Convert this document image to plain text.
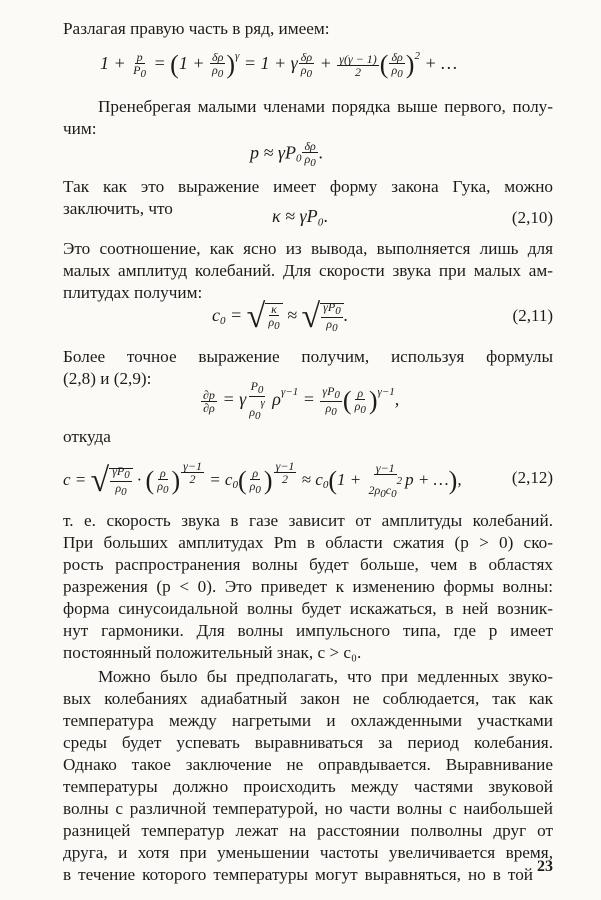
Разлагая правую часть в ряд, имеем:
$1 + \frac{p}{P0} = (1 + \frac{\delta\rho}{\rho 0} )^\gamma = 1 + \gamma \frac{\delta\rho}{\rho 0} + \frac{\gamma(\gamma - 1)}{2}$ ( $\frac{\delta\rho}{\rho 0} )^2$ + …
Пренебрегая малыми членами порядка выше первого, полу-
чим:
$p \approx \gamma P_0 \frac{\delta\rho}{\rho 0}$ .
Так как это выражение имеет форму закона Гука, можно
заключить, что	κ ≈ γP₀.	(2,10)
Это соотношение, как ясно из вывода, выполняется лишь для
малых амплитуд колебаний. Для скорости звука при малых ам-
плитудах получим:
$c_0$ = √ $\frac{\kappa}{\rho 0}$ ≈ √ $\frac{\gamma P0}{\rho 0}$ .	(2,11)
Более точное выражение получим, используя формулы
(2,8) и (2,9):
$\frac{\partial p}{\partial\rho} = \gamma \frac{P0}{\rho 0\gamma} \rho^{\gamma-1} = \frac{\gamma P0}{\rho 0}$ ( $\frac{\rho}{\rho 0} )^{\gamma-1}$,
откуда
c = √ $\frac{\gamma P0}{\rho 0}$ · ( $\frac{\rho}{\rho 0}$ ) $^{\frac{\gamma-1}{2}} = c_0( \frac{\rho}{\rho 0}$ ) $^{\frac{\gamma-1}{2}} \approx c_0(1 + \frac{\gamma-1}{2\rho 0c02}$ p + …),	(2,12)
т. е. скорость звука в газе зависит от амплитуды колебаний.
При больших амплитудах Pm в области сжатия (p > 0) ско-
рость распространения волны будет больше, чем в областях
разрежения (p < 0). Это приведет к изменению формы волны:
форма синусоидальной волны будет искажаться, в ней возник-
нут гармоники. Для волны импульсного типа, где p имеет
постоянный положительный знак, c > c₀.
Можно было бы предполагать, что при медленных звуко-
вых колебаниях адиабатный закон не соблюдается, так как
температура между нагретыми и охлажденными участками
среды будет успевать выравниваться за период колебания.
Однако такое заключение не оправдывается. Выравнивание
температуры должно происходить между частями звуковой
волны с различной температурой, но части волны с наибольшей
разницей температур лежат на расстоянии полволны друг от
друга, и хотя при уменьшении частоты увеличивается время,
в течение которого температуры могут выравняться, но в той 23
